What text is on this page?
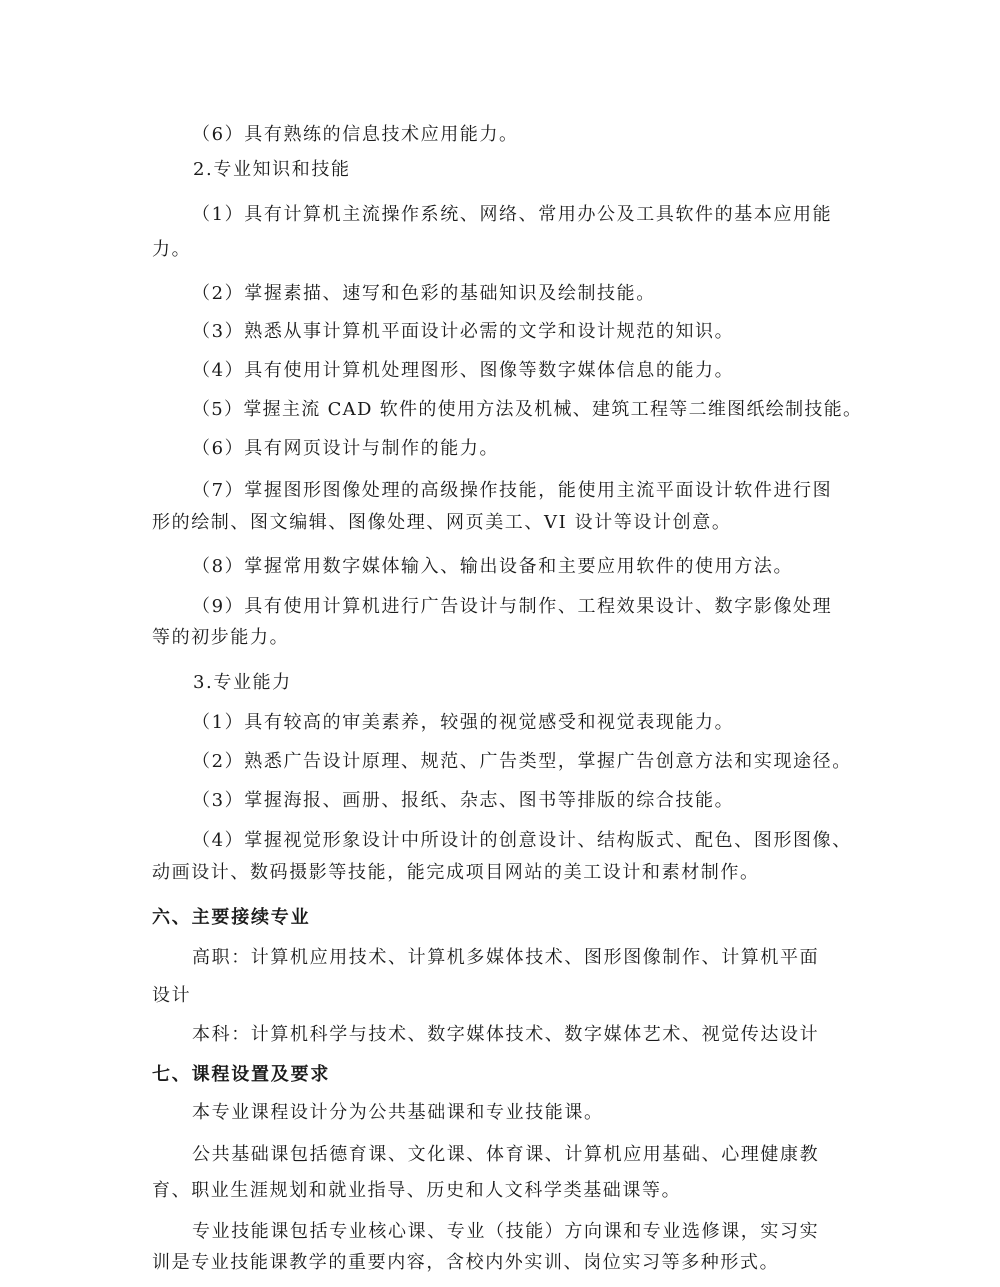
（6）具有熟练的信息技术应用能力。
2.专业知识和技能
（1）具有计算机主流操作系统、网络、常用办公及工具软件的基本应用能
力。
（2）掌握素描、速写和色彩的基础知识及绘制技能。
（3）熟悉从事计算机平面设计必需的文学和设计规范的知识。
（4）具有使用计算机处理图形、图像等数字媒体信息的能力。
（5）掌握主流 CAD 软件的使用方法及机械、建筑工程等二维图纸绘制技能。
（6）具有网页设计与制作的能力。
（7）掌握图形图像处理的高级操作技能，能使用主流平面设计软件进行图
形的绘制、图文编辑、图像处理、网页美工、VI 设计等设计创意。
（8）掌握常用数字媒体输入、输出设备和主要应用软件的使用方法。
（9）具有使用计算机进行广告设计与制作、工程效果设计、数字影像处理
等的初步能力。
3.专业能力
（1）具有较高的审美素养，较强的视觉感受和视觉表现能力。
（2）熟悉广告设计原理、规范、广告类型，掌握广告创意方法和实现途径。
（3）掌握海报、画册、报纸、杂志、图书等排版的综合技能。
（4）掌握视觉形象设计中所设计的创意设计、结构版式、配色、图形图像、
动画设计、数码摄影等技能，能完成项目网站的美工设计和素材制作。
六、主要接续专业
高职：计算机应用技术、计算机多媒体技术、图形图像制作、计算机平面
设计
本科：计算机科学与技术、数字媒体技术、数字媒体艺术、视觉传达设计
七、课程设置及要求
本专业课程设计分为公共基础课和专业技能课。
公共基础课包括德育课、文化课、体育课、计算机应用基础、心理健康教
育、职业生涯规划和就业指导、历史和人文科学类基础课等。
专业技能课包括专业核心课、专业（技能）方向课和专业选修课，实习实
训是专业技能课教学的重要内容，含校内外实训、岗位实习等多种形式。
